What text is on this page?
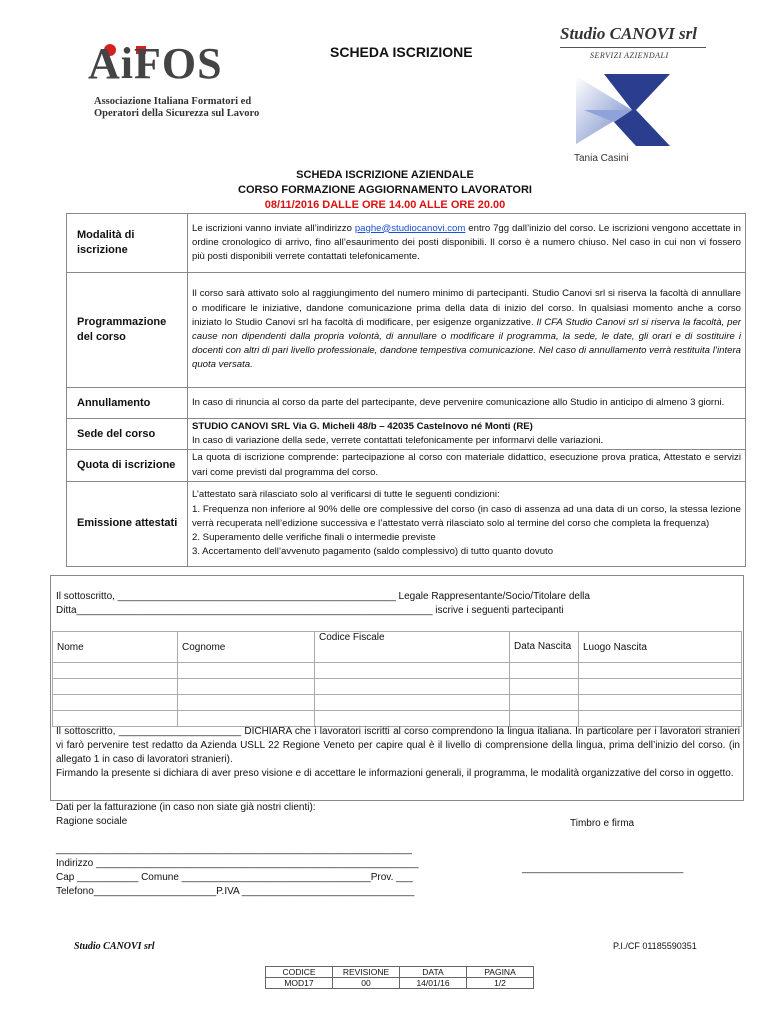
AiFOS
Associazione Italiana Formatori ed
Operatori della Sicurezza sul Lavoro
SCHEDA ISCRIZIONE
Studio CANOVI srl
SERVIZI AZIENDALI
Tania Casini
SCHEDA ISCRIZIONE AZIENDALE
CORSO FORMAZIONE AGGIORNAMENTO LAVORATORI
08/11/2016 DALLE ORE 14.00 ALLE ORE 20.00
Modalità di iscrizione	Le iscrizioni vanno inviate all’indirizzo paghe@studiocanovi.com entro 7gg dall’inizio del corso. Le iscrizioni vengono accettate in ordine cronologico di arrivo, fino all’esaurimento dei posti disponibili. Il corso è a numero chiuso. Nel caso in cui non vi fossero più posti disponibili verrete contattati telefonicamente.
Programmazione del corso	Il corso sarà attivato solo al raggiungimento del numero minimo di partecipanti. Studio Canovi srl si riserva la facoltà di annullare o modificare le iniziative, dandone comunicazione prima della data di inizio del corso. In qualsiasi momento anche a corso iniziato lo Studio Canovi srl ha facoltà di modificare, per esigenze organizzative. Il CFA Studio Canovi srl si riserva la facoltà, per cause non dipendenti dalla propria volontà, di annullare o modificare il programma, la sede, le date, gli orari e di sostituire i docenti con altri di pari livello professionale, dandone tempestiva comunicazione. Nel caso di annullamento verrà restituita l’intera quota versata.
Annullamento	In caso di rinuncia al corso da parte del partecipante, deve pervenire comunicazione allo Studio in anticipo di almeno 3 giorni.
Sede del corso	STUDIO CANOVI SRL Via G. Micheli 48/b – 42035 Castelnovo né Monti (RE)
In caso di variazione della sede, verrete contattati telefonicamente per informarvi delle variazioni.
Quota di iscrizione	La quota di iscrizione comprende: partecipazione al corso con materiale didattico, esecuzione prova pratica, Attestato e servizi vari come previsti dal programma del corso.
Emissione attestati	L’attestato sarà rilasciato solo al verificarsi di tutte le seguenti condizioni:
1. Frequenza non inferiore al 90% delle ore complessive del corso (in caso di assenza ad una data di un corso, la stessa lezione verrà recuperata nell’edizione successiva e l’attestato verrà rilasciato solo al termine del corso che completa la frequenza)
2. Superamento delle verifiche finali o intermedie previste
3. Accertamento dell’avvenuto pagamento (saldo complessivo) di tutto quanto dovuto
Il sottoscritto, __________________________________________________ Legale Rappresentante/Socio/Titolare della
Ditta________________________________________________________________ iscrive i seguenti partecipanti
Nome	Cognome	Codice Fiscale	Data Nascita	Luogo Nascita

Il sottoscritto, ______________________ DICHIARA che i lavoratori iscritti al corso comprendono la lingua italiana. In particolare per i lavoratori stranieri vi farò pervenire test redatto da Azienda USLL 22 Regione Veneto per capire qual è il livello di comprensione della lingua, prima dell’inizio del corso. (in allegato 1 in caso di lavoratori stranieri).
Firmando la presente si dichiara di aver preso visione e di accettare le informazioni generali, il programma, le modalità organizzative del corso in oggetto.
Dati per la fatturazione (in caso non siate già nostri clienti):
Ragione sociale
________________________________________________________________
Indirizzo __________________________________________________________
Cap ___________ Comune __________________________________Prov. ___
Telefono______________________P.IVA _______________________________
Timbro e firma
_____________________________
Studio CANOVI srl	P.I./CF 01185590351
CODICE	REVISIONE	DATA	PAGINA
MOD17	00	14/01/16	1/2
